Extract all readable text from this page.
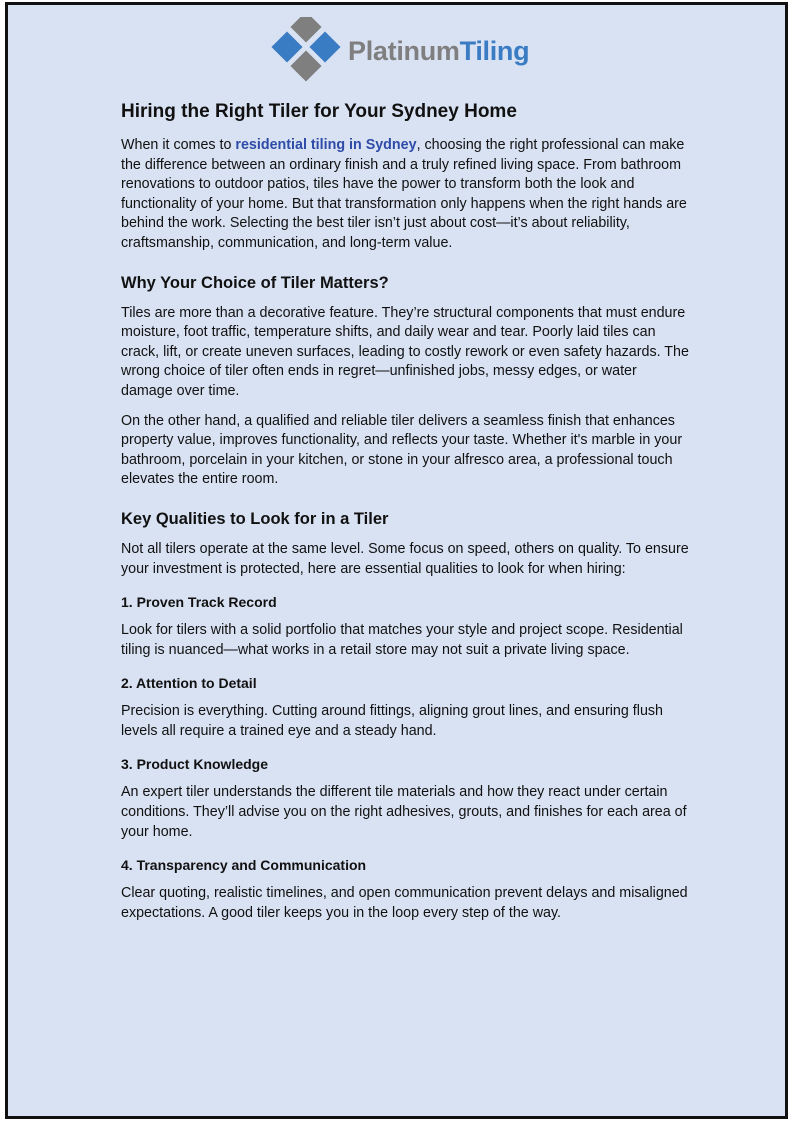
PlatinumTiling
Hiring the Right Tiler for Your Sydney Home

When it comes to residential tiling in Sydney, choosing the right professional can make the difference between an ordinary finish and a truly refined living space. From bathroom renovations to outdoor patios, tiles have the power to transform both the look and functionality of your home. But that transformation only happens when the right hands are behind the work. Selecting the best tiler isn’t just about cost—it’s about reliability, craftsmanship, communication, and long-term value.

Why Your Choice of Tiler Matters?

Tiles are more than a decorative feature. They’re structural components that must endure moisture, foot traffic, temperature shifts, and daily wear and tear. Poorly laid tiles can crack, lift, or create uneven surfaces, leading to costly rework or even safety hazards. The wrong choice of tiler often ends in regret—unfinished jobs, messy edges, or water damage over time.

On the other hand, a qualified and reliable tiler delivers a seamless finish that enhances property value, improves functionality, and reflects your taste. Whether it's marble in your bathroom, porcelain in your kitchen, or stone in your alfresco area, a professional touch elevates the entire room.

Key Qualities to Look for in a Tiler

Not all tilers operate at the same level. Some focus on speed, others on quality. To ensure your investment is protected, here are essential qualities to look for when hiring:

1. Proven Track Record

Look for tilers with a solid portfolio that matches your style and project scope. Residential tiling is nuanced—what works in a retail store may not suit a private living space.

2. Attention to Detail

Precision is everything. Cutting around fittings, aligning grout lines, and ensuring flush levels all require a trained eye and a steady hand.

3. Product Knowledge

An expert tiler understands the different tile materials and how they react under certain conditions. They’ll advise you on the right adhesives, grouts, and finishes for each area of your home.

4. Transparency and Communication

Clear quoting, realistic timelines, and open communication prevent delays and misaligned expectations. A good tiler keeps you in the loop every step of the way.
